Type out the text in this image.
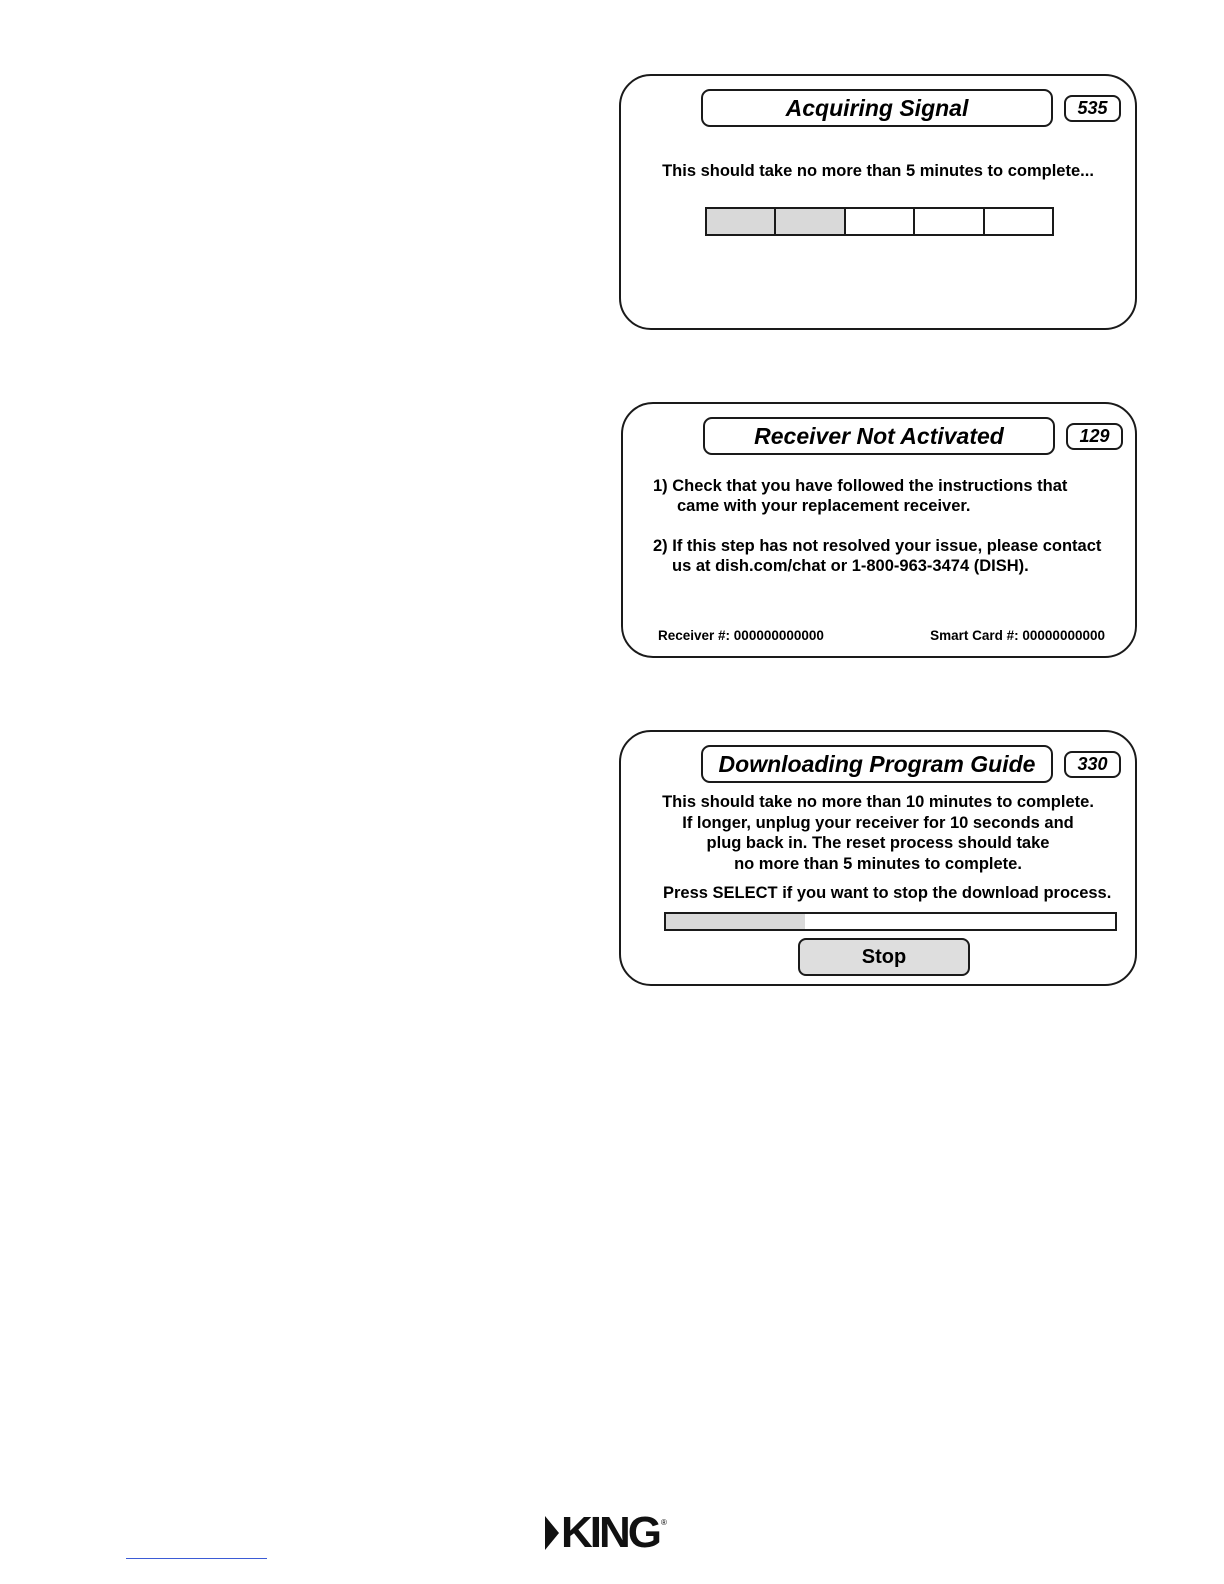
Acquiring Signal	535
This should take no more than 5 minutes to complete...
Receiver Not Activated	129
1) Check that you have followed the instructions that
came with your replacement receiver.
2) If this step has not resolved your issue, please contact
us at dish.com/chat or 1-800-963-3474 (DISH).
Receiver #: 000000000000	Smart Card #: 00000000000
Downloading Program Guide	330
This should take no more than 10 minutes to complete.
If longer, unplug your receiver for 10 seconds and
plug back in. The reset process should take
no more than 5 minutes to complete.
Press SELECT if you want to stop the download process.
Stop
KING ®
